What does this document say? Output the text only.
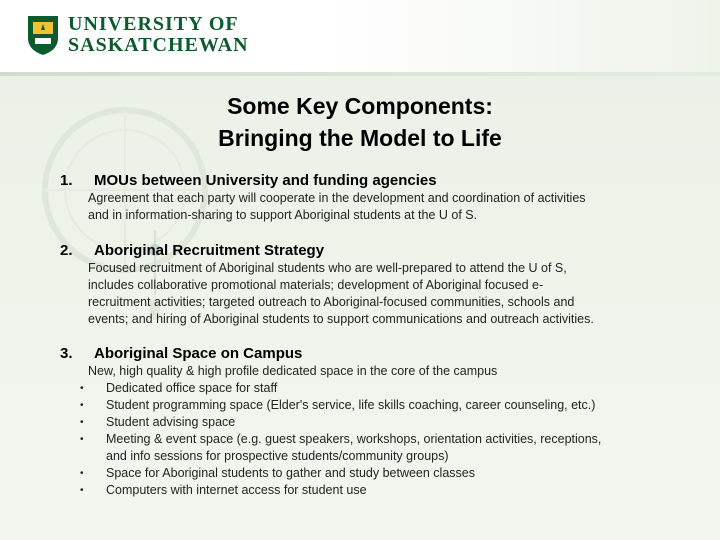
UNIVERSITY OF
SASKATCHEWAN
Some Key Components:
Bringing the Model to Life
1. MOUs between University and funding agencies
Agreement that each party will cooperate in the development and coordination of activities
and in information-sharing to support Aboriginal students at the U of S.
2. Aboriginal Recruitment Strategy
Focused recruitment of Aboriginal students who are well-prepared to attend the U of S,
includes collaborative promotional materials; development of Aboriginal focused e-
recruitment activities; targeted outreach to Aboriginal-focused communities, schools and
events; and hiring of Aboriginal students to support communications and outreach activities.
3. Aboriginal Space on Campus
New, high quality & high profile dedicated space in the core of the campus
• Dedicated office space for staff
• Student programming space (Elder's service, life skills coaching, career counseling, etc.)
• Student advising space
• Meeting & event space (e.g. guest speakers, workshops, orientation activities, receptions,
and info sessions for prospective students/community groups)
• Space for Aboriginal students to gather and study between classes
• Computers with internet access for student use
